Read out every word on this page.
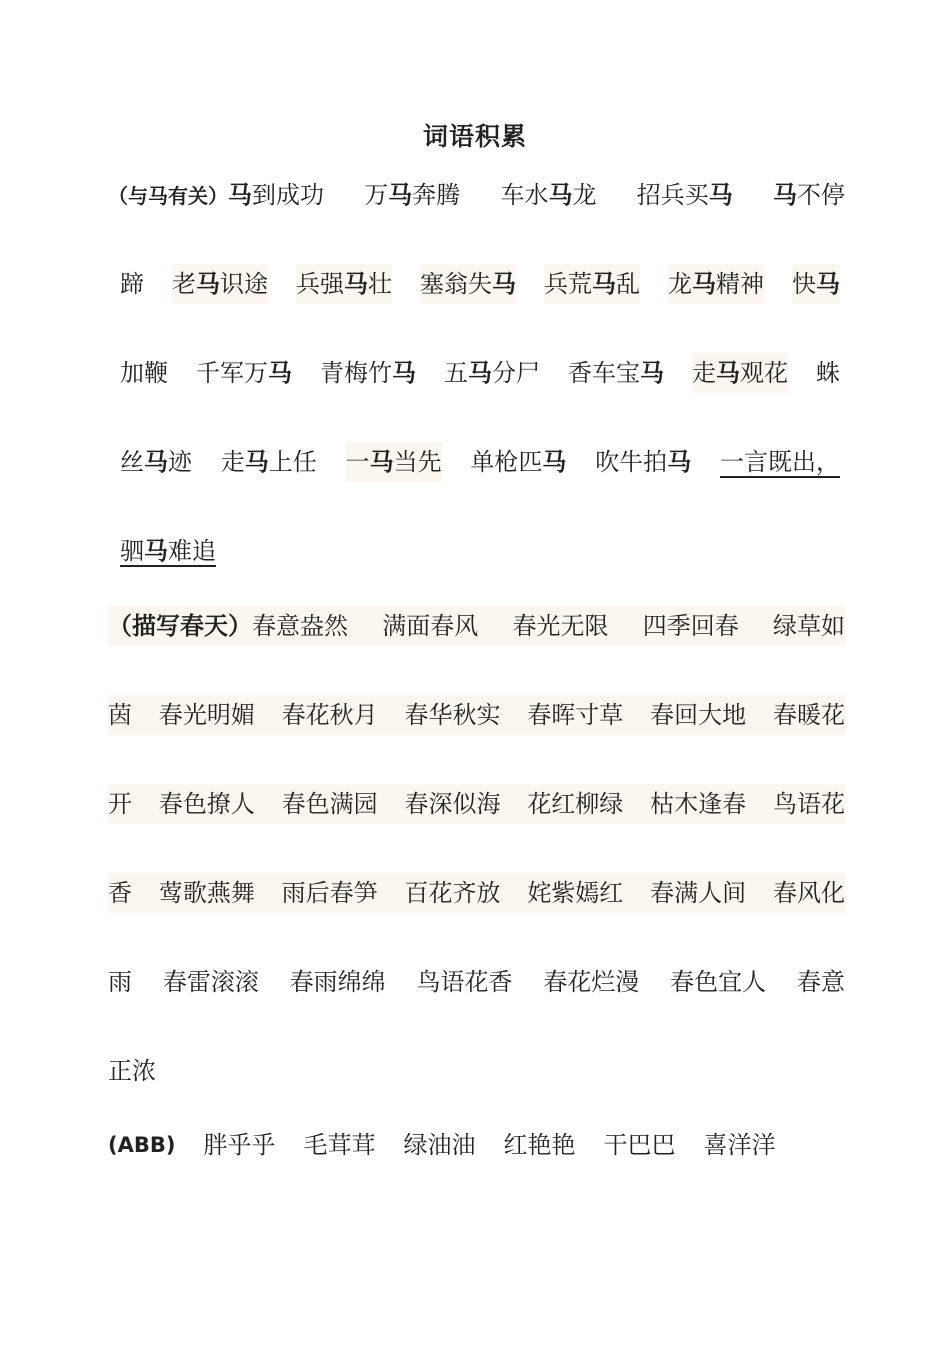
词语积累
（与马有关）马到成功 万马奔腾 车水马龙 招兵买马 马不停
蹄 老马识途 兵强马壮 塞翁失马 兵荒马乱 龙马精神 快马
加鞭 千军万马 青梅竹马 五马分尸 香车宝马 走马观花 蛛
丝马迹 走马上任 一马当先 单枪匹马 吹牛拍马 一言既出，
驷马难追
（描写春天）春意盎然 满面春风 春光无限 四季回春 绿草如
茵 春光明媚 春花秋月 春华秋实 春晖寸草 春回大地 春暖花
开 春色撩人 春色满园 春深似海 花红柳绿 枯木逢春 鸟语花
香 莺歌燕舞 雨后春笋 百花齐放 姹紫嫣红 春满人间 春风化
雨 春雷滚滚 春雨绵绵 鸟语花香 春花烂漫 春色宜人 春意
正浓
(ABB) 胖乎乎 毛茸茸 绿油油 红艳艳 干巴巴 喜洋洋
